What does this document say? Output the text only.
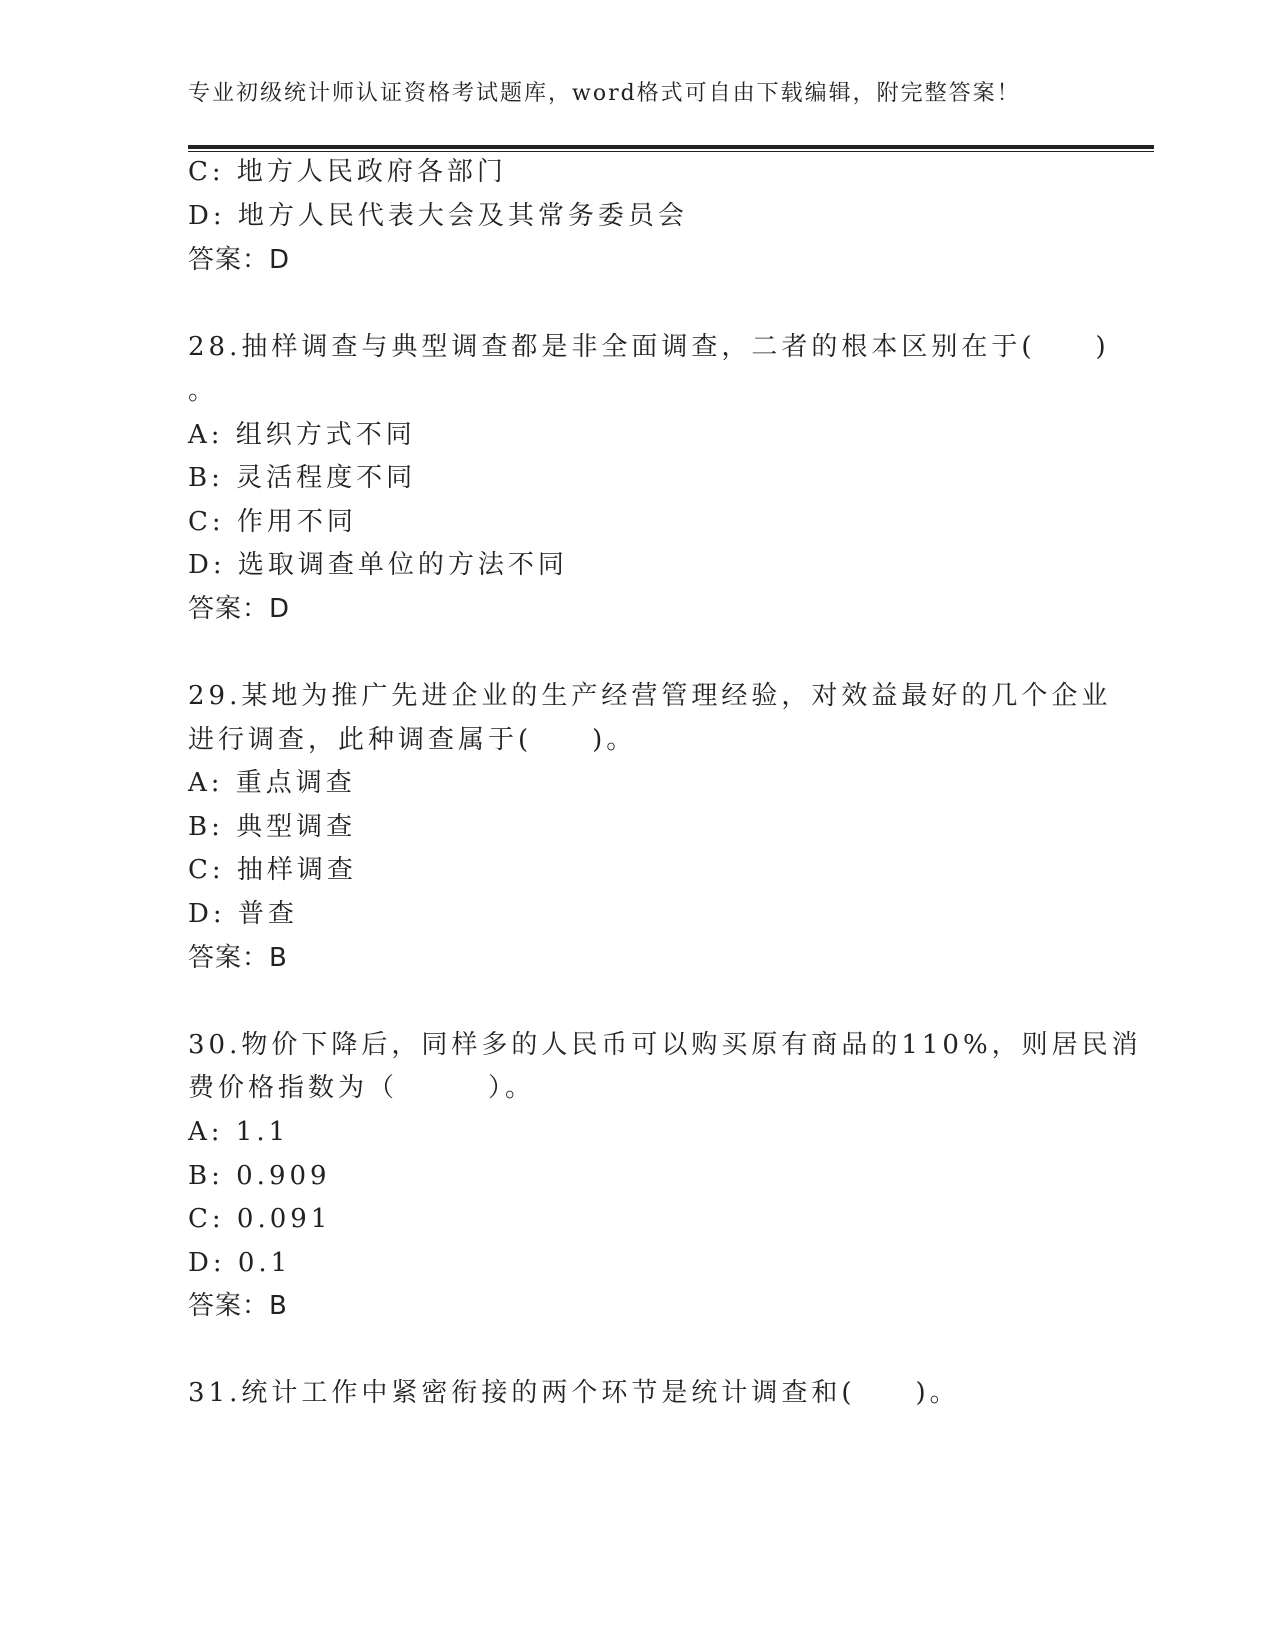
专业初级统计师认证资格考试题库，word格式可自由下载编辑，附完整答案！
C: 地方人民政府各部门
D: 地方人民代表大会及其常务委员会
答案：D
28.抽样调查与典型调查都是非全面调查，二者的根本区别在于(　　)
。
A: 组织方式不同
B: 灵活程度不同
C: 作用不同
D: 选取调查单位的方法不同
答案：D
29.某地为推广先进企业的生产经营管理经验，对效益最好的几个企业
进行调查，此种调查属于(　　)。
A: 重点调查
B: 典型调查
C: 抽样调查
D: 普查
答案：B
30.物价下降后，同样多的人民币可以购买原有商品的110%，则居民消
费价格指数为（　　　）。
A: 1.1
B: 0.909
C: 0.091
D: 0.1
答案：B
31.统计工作中紧密衔接的两个环节是统计调查和(　　)。
